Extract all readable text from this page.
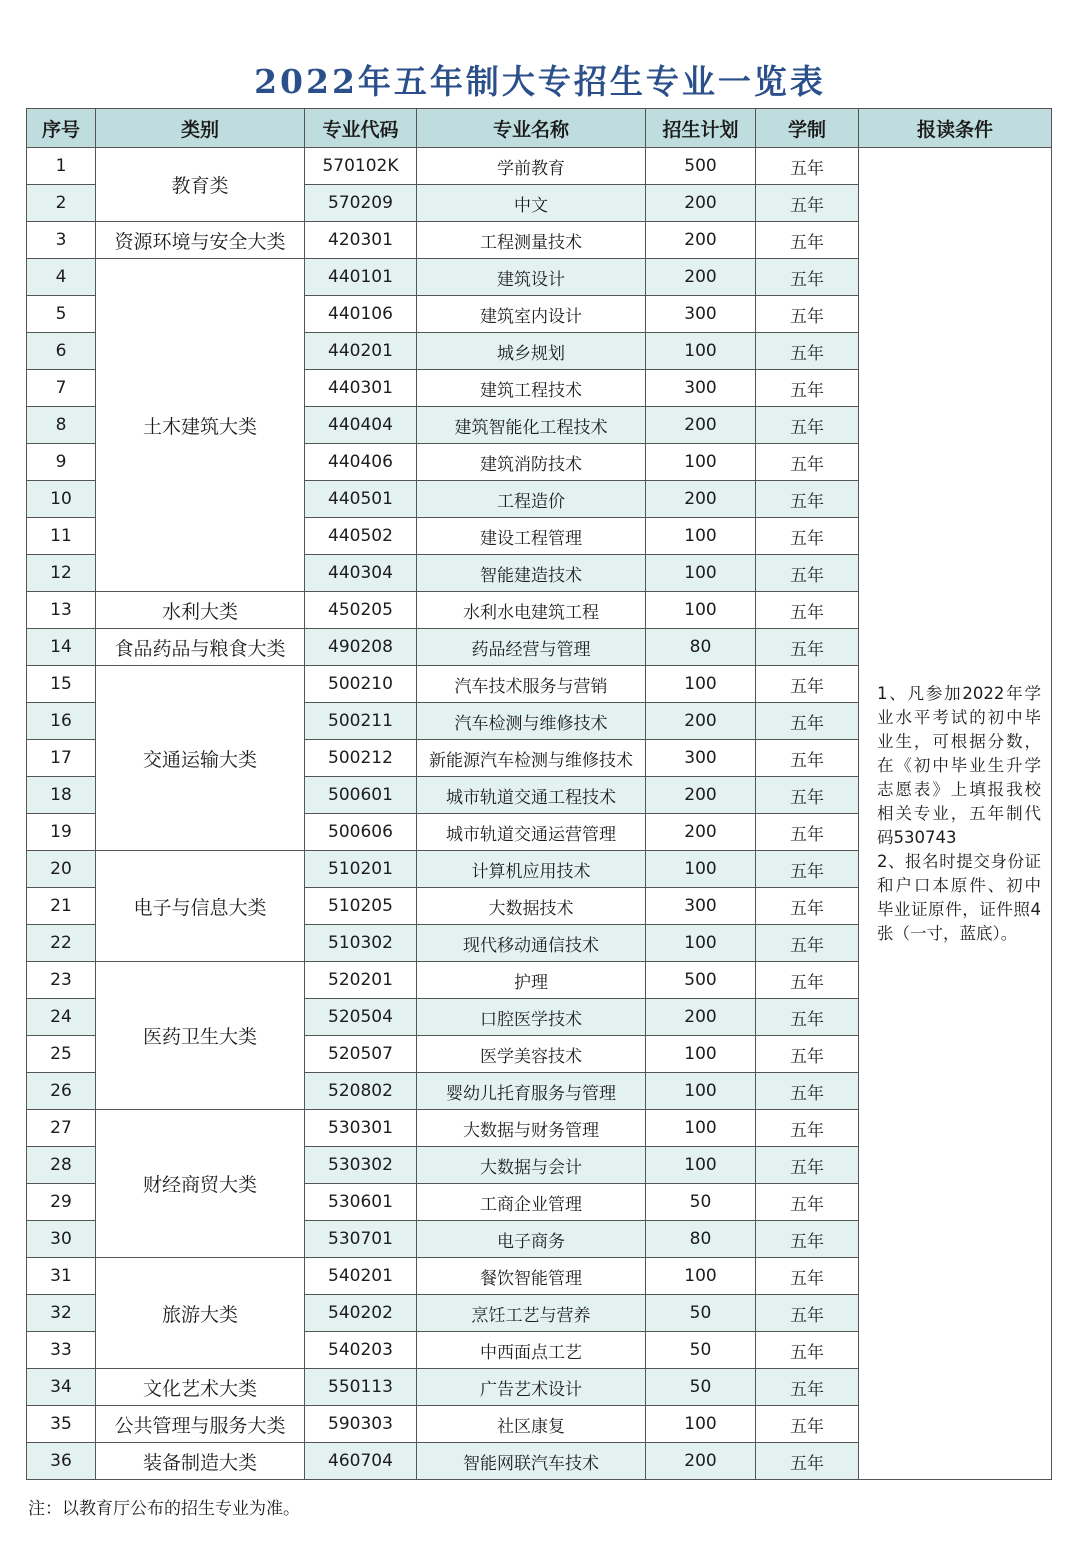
2022年五年制大专招生专业一览表
序号	类别	专业代码	专业名称	招生计划	学制	报读条件
1	教育类	570102K	学前教育	500	五年	1、凡参加2022年学业水平考试的初中毕业生，可根据分数，在《初中毕业生升学志愿表》上填报我校相关专业，五年制代码530743

2、报名时提交身份证和户口本原件、初中毕业证原件，证件照4张（一寸，蓝底）。

2		570209	中文	200	五年	
3	资源环境与安全大类	420301	工程测量技术	200	五年	
4	土木建筑大类	440101	建筑设计	200	五年	
5		440106	建筑室内设计	300	五年	
6		440201	城乡规划	100	五年	
7		440301	建筑工程技术	300	五年	
8		440404	建筑智能化工程技术	200	五年	
9		440406	建筑消防技术	100	五年	
10		440501	工程造价	200	五年	
11		440502	建设工程管理	100	五年	
12		440304	智能建造技术	100	五年	
13	水利大类	450205	水利水电建筑工程	100	五年	
14	食品药品与粮食大类	490208	药品经营与管理	80	五年	
15	交通运输大类	500210	汽车技术服务与营销	100	五年	
16		500211	汽车检测与维修技术	200	五年	
17		500212	新能源汽车检测与维修技术	300	五年	
18		500601	城市轨道交通工程技术	200	五年	
19		500606	城市轨道交通运营管理	200	五年	
20	电子与信息大类	510201	计算机应用技术	100	五年	
21		510205	大数据技术	300	五年	
22		510302	现代移动通信技术	100	五年	
23	医药卫生大类	520201	护理	500	五年	
24		520504	口腔医学技术	200	五年	
25		520507	医学美容技术	100	五年	
26		520802	婴幼儿托育服务与管理	100	五年	
27	财经商贸大类	530301	大数据与财务管理	100	五年	
28		530302	大数据与会计	100	五年	
29		530601	工商企业管理	50	五年	
30		530701	电子商务	80	五年	
31	旅游大类	540201	餐饮智能管理	100	五年	
32		540202	烹饪工艺与营养	50	五年	
33		540203	中西面点工艺	50	五年	
34	文化艺术大类	550113	广告艺术设计	50	五年	
35	公共管理与服务大类	590303	社区康复	100	五年	
36	装备制造大类	460704	智能网联汽车技术	200	五年	
注：以教育厅公布的招生专业为准。
